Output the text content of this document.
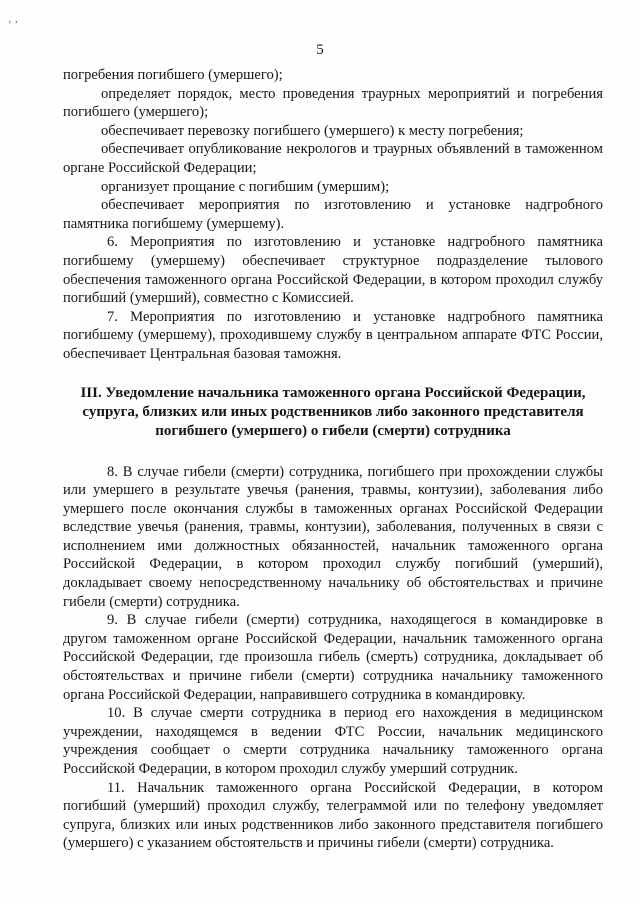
’’
5

погребения погибшего (умершего);

определяет порядок, место проведения траурных мероприятий и погребения погибшего (умершего);

обеспечивает перевозку погибшего (умершего) к месту погребения;

обеспечивает опубликование некрологов и траурных объявлений в таможенном органе Российской Федерации;

организует прощание с погибшим (умершим);

обеспечивает мероприятия по изготовлению и установке надгробного памятника погибшему (умершему).

6. Мероприятия по изготовлению и установке надгробного памятника погибшему (умершему) обеспечивает структурное подразделение тылового обеспечения таможенного органа Российской Федерации, в котором проходил службу погибший (умерший), совместно с Комиссией.

7. Мероприятия по изготовлению и установке надгробного памятника погибшему (умершему), проходившему службу в центральном аппарате ФТС России, обеспечивает Центральная базовая таможня.

III. Уведомление начальника таможенного органа Российской Федерации, супруга, близких или иных родственников либо законного представителя погибшего (умершего) о гибели (смерти) сотрудника

8. В случае гибели (смерти) сотрудника, погибшего при прохождении службы или умершего в результате увечья (ранения, травмы, контузии), заболевания либо умершего после окончания службы в таможенных органах Российской Федерации вследствие увечья (ранения, травмы, контузии), заболевания, полученных в связи с исполнением ими должностных обязанностей, начальник таможенного органа Российской Федерации, в котором проходил службу погибший (умерший), докладывает своему непосредственному начальнику об обстоятельствах и причине гибели (смерти) сотрудника.

9. В случае гибели (смерти) сотрудника, находящегося в командировке в другом таможенном органе Российской Федерации, начальник таможенного органа Российской Федерации, где произошла гибель (смерть) сотрудника, докладывает об обстоятельствах и причине гибели (смерти) сотрудника начальнику таможенного органа Российской Федерации, направившего сотрудника в командировку.

10. В случае смерти сотрудника в период его нахождения в медицинском учреждении, находящемся в ведении ФТС России, начальник медицинского учреждения сообщает о смерти сотрудника начальнику таможенного органа Российской Федерации, в котором проходил службу умерший сотрудник.

11. Начальник таможенного органа Российской Федерации, в котором погибший (умерший) проходил службу, телеграммой или по телефону уведомляет супруга, близких или иных родственников либо законного представителя погибшего (умершего) с указанием обстоятельств и причины гибели (смерти) сотрудника.
